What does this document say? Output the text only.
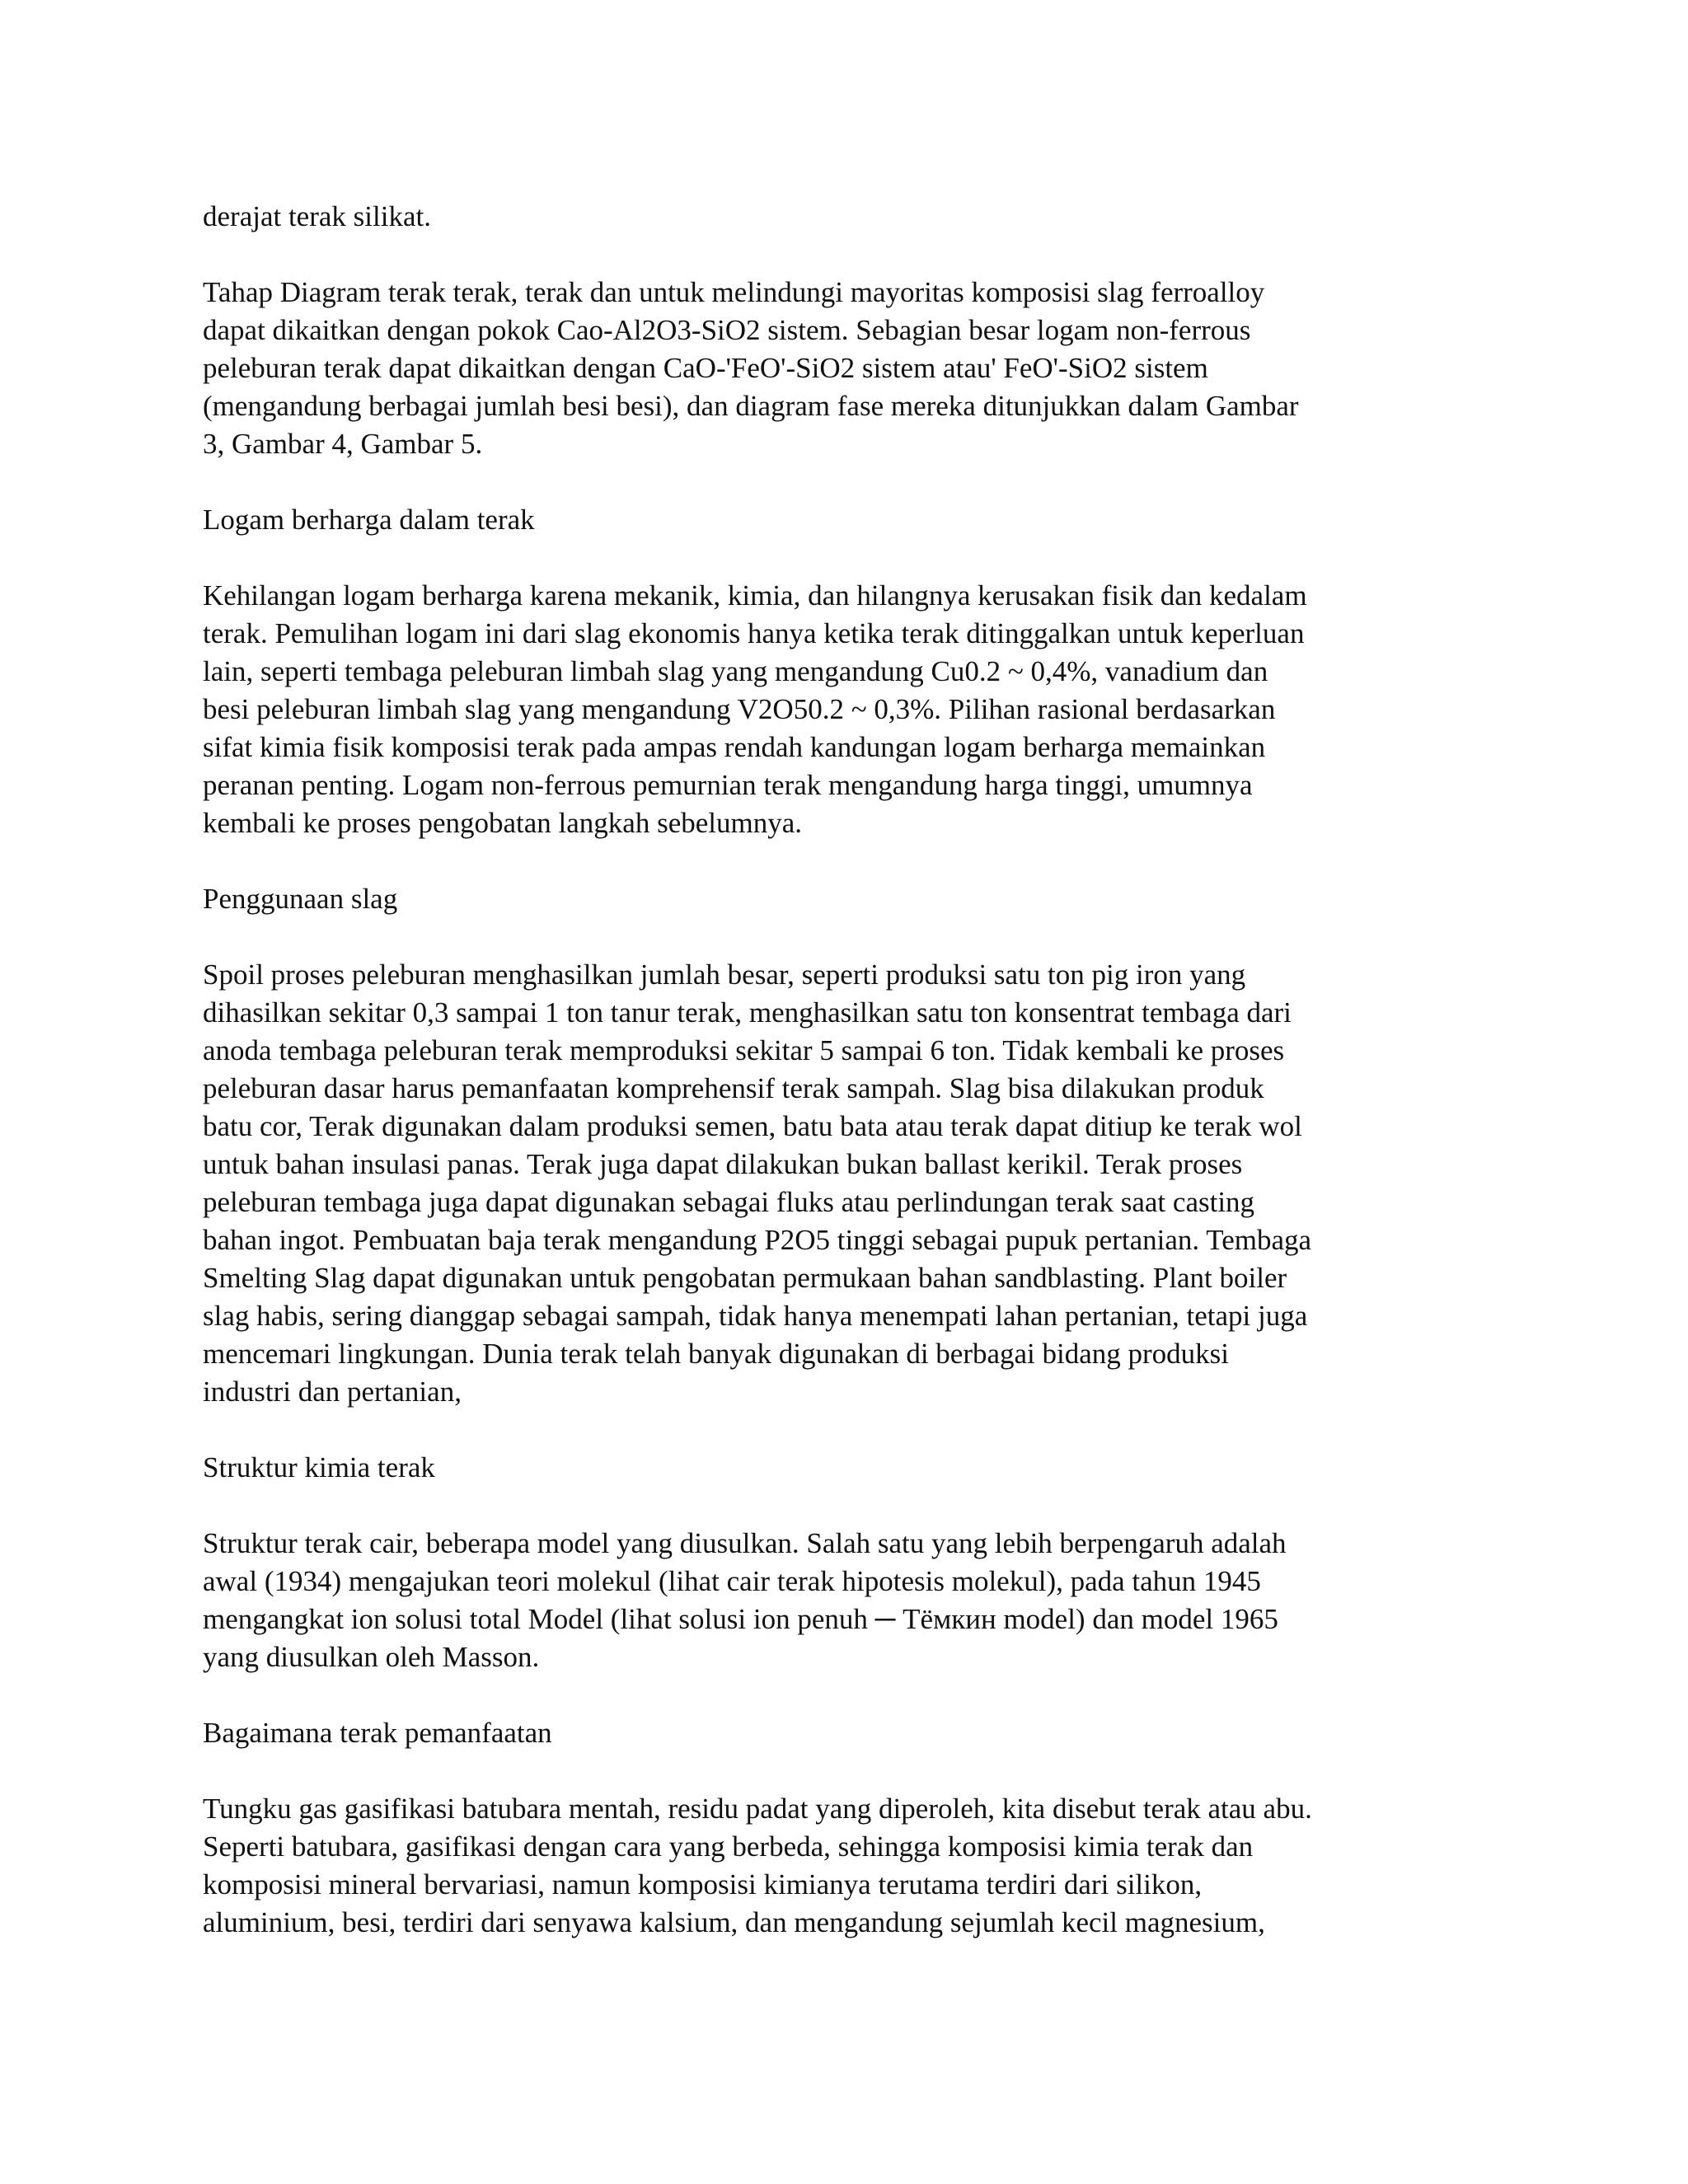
derajat terak silikat.

Tahap Diagram terak terak, terak dan untuk melindungi mayoritas komposisi slag ferroalloy
dapat dikaitkan dengan pokok Cao-Al2O3-SiO2 sistem. Sebagian besar logam non-ferrous
peleburan terak dapat dikaitkan dengan CaO-'FeO'-SiO2 sistem atau' FeO'-SiO2 sistem
(mengandung berbagai jumlah besi besi), dan diagram fase mereka ditunjukkan dalam Gambar
3, Gambar 4, Gambar 5.

Logam berharga dalam terak

Kehilangan logam berharga karena mekanik, kimia, dan hilangnya kerusakan fisik dan kedalam
terak. Pemulihan logam ini dari slag ekonomis hanya ketika terak ditinggalkan untuk keperluan
lain, seperti tembaga peleburan limbah slag yang mengandung Cu0.2 ~ 0,4%, vanadium dan
besi peleburan limbah slag yang mengandung V2O50.2 ~ 0,3%. Pilihan rasional berdasarkan
sifat kimia fisik komposisi terak pada ampas rendah kandungan logam berharga memainkan
peranan penting. Logam non-ferrous pemurnian terak mengandung harga tinggi, umumnya
kembali ke proses pengobatan langkah sebelumnya.

Penggunaan slag

Spoil proses peleburan menghasilkan jumlah besar, seperti produksi satu ton pig iron yang
dihasilkan sekitar 0,3 sampai 1 ton tanur terak, menghasilkan satu ton konsentrat tembaga dari
anoda tembaga peleburan terak memproduksi sekitar 5 sampai 6 ton. Tidak kembali ke proses
peleburan dasar harus pemanfaatan komprehensif terak sampah. Slag bisa dilakukan produk
batu cor, Terak digunakan dalam produksi semen, batu bata atau terak dapat ditiup ke terak wol
untuk bahan insulasi panas. Terak juga dapat dilakukan bukan ballast kerikil. Terak proses
peleburan tembaga juga dapat digunakan sebagai fluks atau perlindungan terak saat casting
bahan ingot. Pembuatan baja terak mengandung P2O5 tinggi sebagai pupuk pertanian. Tembaga
Smelting Slag dapat digunakan untuk pengobatan permukaan bahan sandblasting. Plant boiler
slag habis, sering dianggap sebagai sampah, tidak hanya menempati lahan pertanian, tetapi juga
mencemari lingkungan. Dunia terak telah banyak digunakan di berbagai bidang produksi
industri dan pertanian,

Struktur kimia terak

Struktur terak cair, beberapa model yang diusulkan. Salah satu yang lebih berpengaruh adalah
awal (1934) mengajukan teori molekul (lihat cair terak hipotesis molekul), pada tahun 1945
mengangkat ion solusi total Model (lihat solusi ion penuh ─ Тёмкин model) dan model 1965
yang diusulkan oleh Masson.

Bagaimana terak pemanfaatan

Tungku gas gasifikasi batubara mentah, residu padat yang diperoleh, kita disebut terak atau abu.
Seperti batubara, gasifikasi dengan cara yang berbeda, sehingga komposisi kimia terak dan
komposisi mineral bervariasi, namun komposisi kimianya terutama terdiri dari silikon,
aluminium, besi, terdiri dari senyawa kalsium, dan mengandung sejumlah kecil magnesium,
